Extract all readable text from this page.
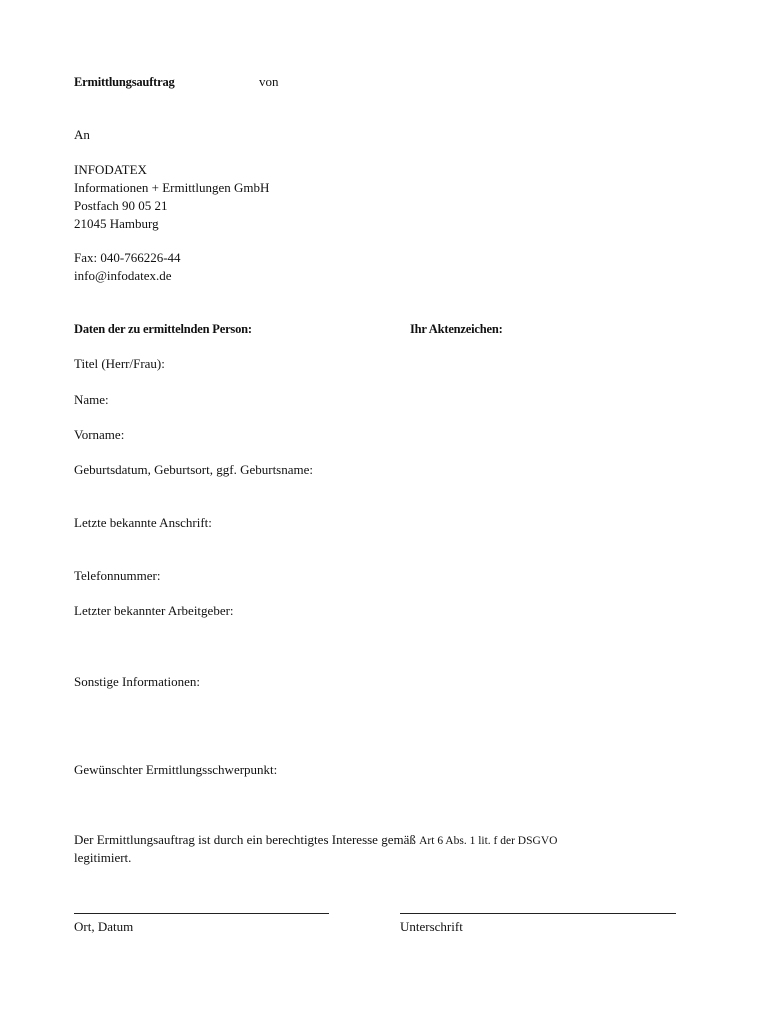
Ermittlungsauftrag	von
An
INFODATEX
Informationen + Ermittlungen GmbH
Postfach 90 05 21
21045 Hamburg
Fax: 040-766226-44
info@infodatex.de
Daten der zu ermittelnden Person:	Ihr Aktenzeichen:
Titel (Herr/Frau):
Name:
Vorname:
Geburtsdatum, Geburtsort, ggf. Geburtsname:
Letzte bekannte Anschrift:
Telefonnummer:
Letzter bekannter Arbeitgeber:
Sonstige Informationen:
Gewünschter Ermittlungsschwerpunkt:
Der Ermittlungsauftrag ist durch ein berechtigtes Interesse gemäß Art 6 Abs. 1 lit. f der DSGVO
legitimiert.
Ort, Datum	Unterschrift
